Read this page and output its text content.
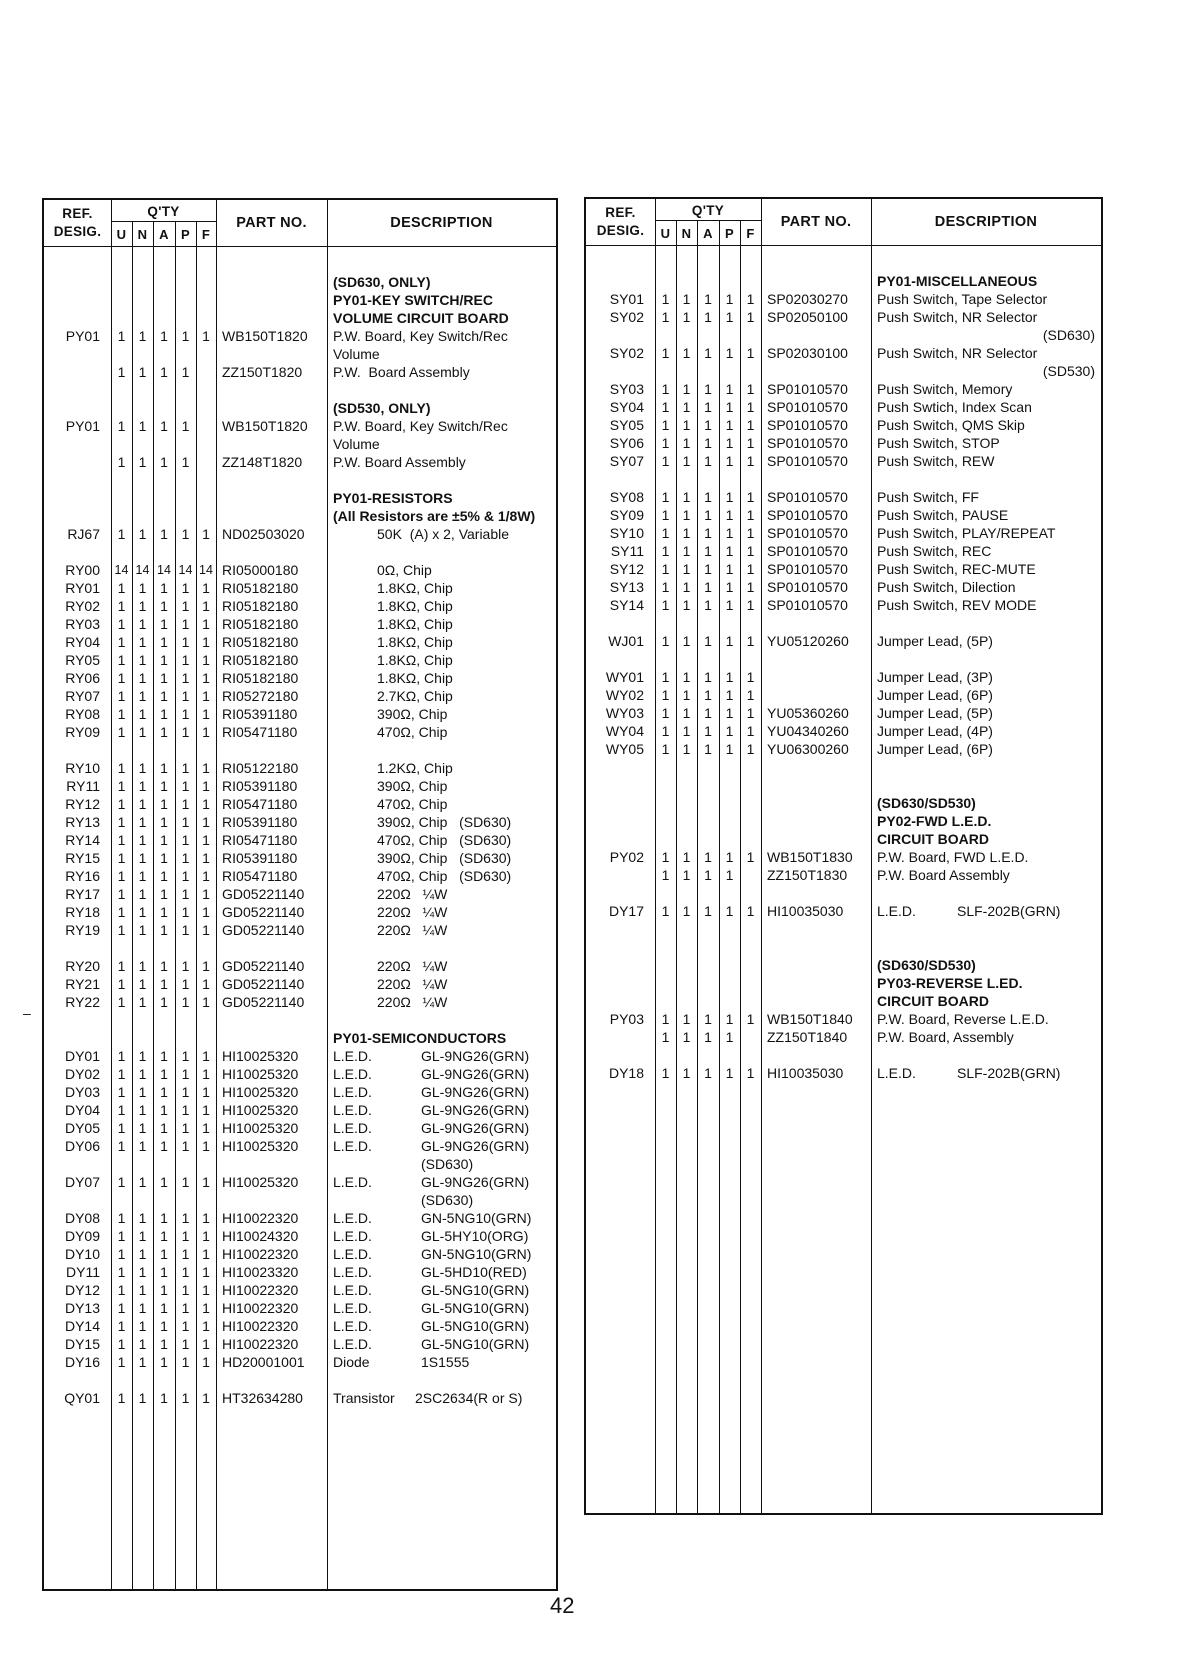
REF.
DESIG.
Q'TY
U N A P F
PART NO.	DESCRIPTION
(SD630, ONLY)
PY01-KEY SWITCH/REC
VOLUME CIRCUIT BOARD
PY01	1 1 1 1 1 WB150T1820 P.W. Board, Key Switch/Rec
Volume
1 1 1 1	ZZ150T1820 P.W.  Board Assembly
(SD530, ONLY)
PY01	1 1 1 1	WB150T1820 P.W. Board, Key Switch/Rec
Volume
1 1 1 1	ZZ148T1820 P.W. Board Assembly
PY01-RESISTORS
(All Resistors are ±5% & 1/8W)
RJ67	1 1 1 1 1 ND02503020	50K  (A) x 2, Variable
RY00 14 14 14 14 14 RI05000180	0Ω, Chip
RY01	1 1 1 1 1 RI05182180	1.8KΩ, Chip
RY02	1 1 1 1 1 RI05182180	1.8KΩ, Chip
RY03	1 1 1 1 1 RI05182180	1.8KΩ, Chip
RY04	1 1 1 1 1 RI05182180	1.8KΩ, Chip
RY05	1 1 1 1 1 RI05182180	1.8KΩ, Chip
RY06	1 1 1 1 1 RI05182180	1.8KΩ, Chip
RY07	1 1 1 1 1 RI05272180	2.7KΩ, Chip
RY08	1 1 1 1 1 RI05391180	390Ω, Chip
RY09	1 1 1 1 1 RI05471180	470Ω, Chip
RY10	1 1 1 1 1 RI05122180	1.2KΩ, Chip
RY11	1 1 1 1 1 RI05391180	390Ω, Chip
RY12	1 1 1 1 1 RI05471180	470Ω, Chip
RY13	1 1 1 1 1 RI05391180	390Ω, Chip   (SD630)
RY14	1 1 1 1 1 RI05471180	470Ω, Chip   (SD630)
RY15	1 1 1 1 1 RI05391180	390Ω, Chip   (SD630)
RY16	1 1 1 1 1 RI05471180	470Ω, Chip   (SD630)
RY17	1 1 1 1 1 GD05221140	220Ω   ¼W
RY18	1 1 1 1 1 GD05221140	220Ω   ¼W
RY19	1 1 1 1 1 GD05221140	220Ω   ¼W
RY20	1 1 1 1 1 GD05221140	220Ω   ¼W
RY21	1 1 1 1 1 GD05221140	220Ω   ¼W
RY22	1 1 1 1 1 GD05221140	220Ω   ¼W
PY01-SEMICONDUCTORS
DY01	1 1 1 1 1 HI10025320 L.E.D.	GL-9NG26(GRN)
DY02	1 1 1 1 1 HI10025320 L.E.D.	GL-9NG26(GRN)
DY03	1 1 1 1 1 HI10025320 L.E.D.	GL-9NG26(GRN)
DY04	1 1 1 1 1 HI10025320 L.E.D.	GL-9NG26(GRN)
DY05	1 1 1 1 1 HI10025320 L.E.D.	GL-9NG26(GRN)
DY06	1 1 1 1 1 HI10025320 L.E.D.	GL-9NG26(GRN)
(SD630)
DY07	1 1 1 1 1 HI10025320 L.E.D.	GL-9NG26(GRN)
(SD630)
DY08	1 1 1 1 1 HI10022320 L.E.D.	GN-5NG10(GRN)
DY09	1 1 1 1 1 HI10024320 L.E.D.	GL-5HY10(ORG)
DY10	1 1 1 1 1 HI10022320 L.E.D.	GN-5NG10(GRN)
DY11	1 1 1 1 1 HI10023320 L.E.D.	GL-5HD10(RED)
DY12	1 1 1 1 1 HI10022320 L.E.D.	GL-5NG10(GRN)
DY13	1 1 1 1 1 HI10022320 L.E.D.	GL-5NG10(GRN)
DY14	1 1 1 1 1 HI10022320 L.E.D.	GL-5NG10(GRN)
DY15	1 1 1 1 1 HI10022320 L.E.D.	GL-5NG10(GRN)
DY16	1 1 1 1 1 HD20001001 Diode	1S1555
QY01	1 1 1 1 1 HT32634280 Transistor 2SC2634(R or S)
REF.
DESIG.
Q'TY
U N A P F
PART NO.	DESCRIPTION
PY01-MISCELLANEOUS
SY01	1 1 1 1 1 SP02030270 Push Switch, Tape Selector
SY02	1 1 1 1 1 SP02050100 Push Switch, NR Selector
(SD630)
SY02	1 1 1 1 1 SP02030100 Push Switch, NR Selector
(SD530)
SY03	1 1 1 1 1 SP01010570 Push Switch, Memory
SY04	1 1 1 1 1 SP01010570 Push Swtich, Index Scan
SY05	1 1 1 1 1 SP01010570 Push Switch, QMS Skip
SY06	1 1 1 1 1 SP01010570 Push Switch, STOP
SY07	1 1 1 1 1 SP01010570 Push Switch, REW
SY08	1 1 1 1 1 SP01010570 Push Switch, FF
SY09	1 1 1 1 1 SP01010570 Push Switch, PAUSE
SY10	1 1 1 1 1 SP01010570 Push Switch, PLAY/REPEAT
SY11	1 1 1 1 1 SP01010570 Push Switch, REC
SY12	1 1 1 1 1 SP01010570 Push Switch, REC-MUTE
SY13	1 1 1 1 1 SP01010570 Push Switch, Dilection
SY14	1 1 1 1 1 SP01010570 Push Switch, REV MODE
WJ01	1 1 1 1 1 YU05120260 Jumper Lead, (5P)
WY01	1 1 1 1 1	Jumper Lead, (3P)
WY02	1 1 1 1 1	Jumper Lead, (6P)
WY03	1 1 1 1 1 YU05360260 Jumper Lead, (5P)
WY04	1 1 1 1 1 YU04340260 Jumper Lead, (4P)
WY05	1 1 1 1 1 YU06300260 Jumper Lead, (6P)
(SD630/SD530)
PY02-FWD L.E.D.
CIRCUIT BOARD
PY02	1 1 1 1 1 WB150T1830 P.W. Board, FWD L.E.D.
1 1 1 1	ZZ150T1830 P.W. Board Assembly
DY17	1 1 1 1 1 HI10035030 L.E.D.	SLF-202B(GRN)
(SD630/SD530)
PY03-REVERSE L.ED.
CIRCUIT BOARD
PY03	1 1 1 1 1 WB150T1840 P.W. Board, Reverse L.E.D.
1 1 1 1	ZZ150T1840 P.W. Board, Assembly
DY18	1 1 1 1 1 HI10035030 L.E.D.	SLF-202B(GRN)
–
42
